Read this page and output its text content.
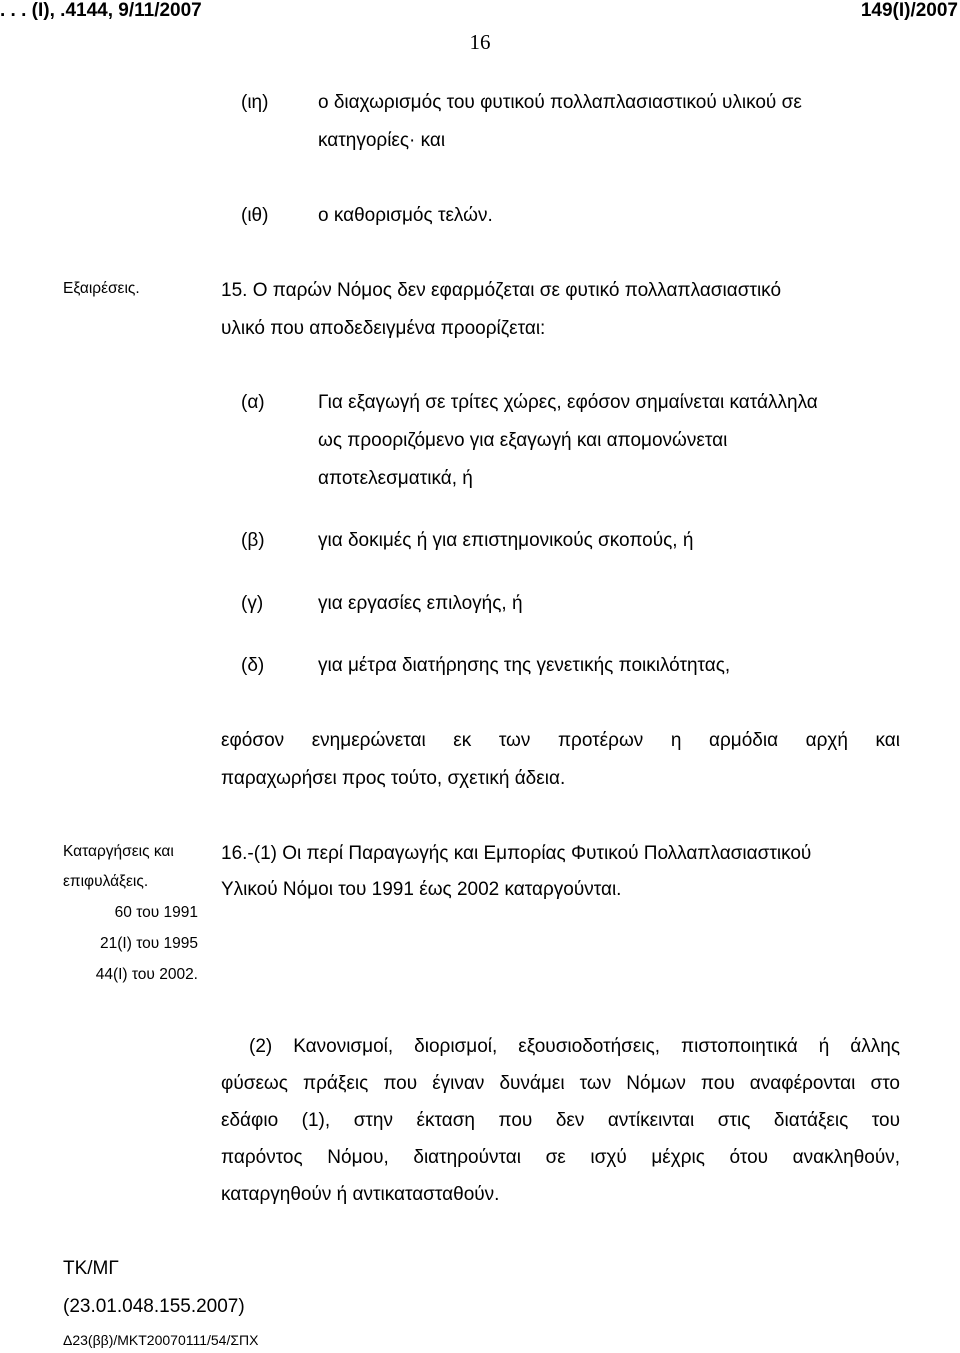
. . . (Ι), .4144, 9/11/2007	149(Ι)/2007
16
(ιη)	ο διαχωρισμός του φυτικού πολλαπλασιαστικού υλικού σε
κατηγορίες· και
(ιθ)	ο καθορισμός τελών.
Εξαιρέσεις.	15. Ο παρών Νόμος δεν εφαρμόζεται σε φυτικό πολλαπλασιαστικό
υλικό που αποδεδειγμένα προορίζεται:
(α)	Για εξαγωγή σε τρίτες χώρες, εφόσον σημαίνεται κατάλληλα
ως προοριζόμενο για εξαγωγή και απομονώνεται
αποτελεσματικά, ή
(β)	για δοκιμές ή για επιστημονικούς σκοπούς, ή
(γ)	για εργασίες επιλογής, ή
(δ)	για μέτρα διατήρησης της γενετικής ποικιλότητας,
εφόσον ενημερώνεται εκ των προτέρων η αρμόδια αρχή και
παραχωρήσει προς τούτο, σχετική άδεια.
Καταργήσεις και
επιφυλάξεις.
60 του 1991
21(Ι) του 1995
44(Ι) του 2002.
16.-(1) Οι περί Παραγωγής και Εμπορίας Φυτικού Πολλαπλασιαστικού
Υλικού Νόμοι του 1991 έως 2002 καταργούνται.
(2) Κανονισμοί, διορισμοί, εξουσιοδοτήσεις, πιστοποιητικά ή άλλης
φύσεως πράξεις που έγιναν δυνάμει των Νόμων που αναφέρονται στο
εδάφιο (1), στην έκταση που δεν αντίκεινται στις διατάξεις του
παρόντος Νόμου, διατηρούνται σε ισχύ μέχρις ότου ανακληθούν,
καταργηθούν ή αντικατασταθούν.
ΤΚ/ΜΓ
(23.01.048.155.2007)
Δ23(ββ)/ΜΚΤ20070111/54/ΣΠΧ
